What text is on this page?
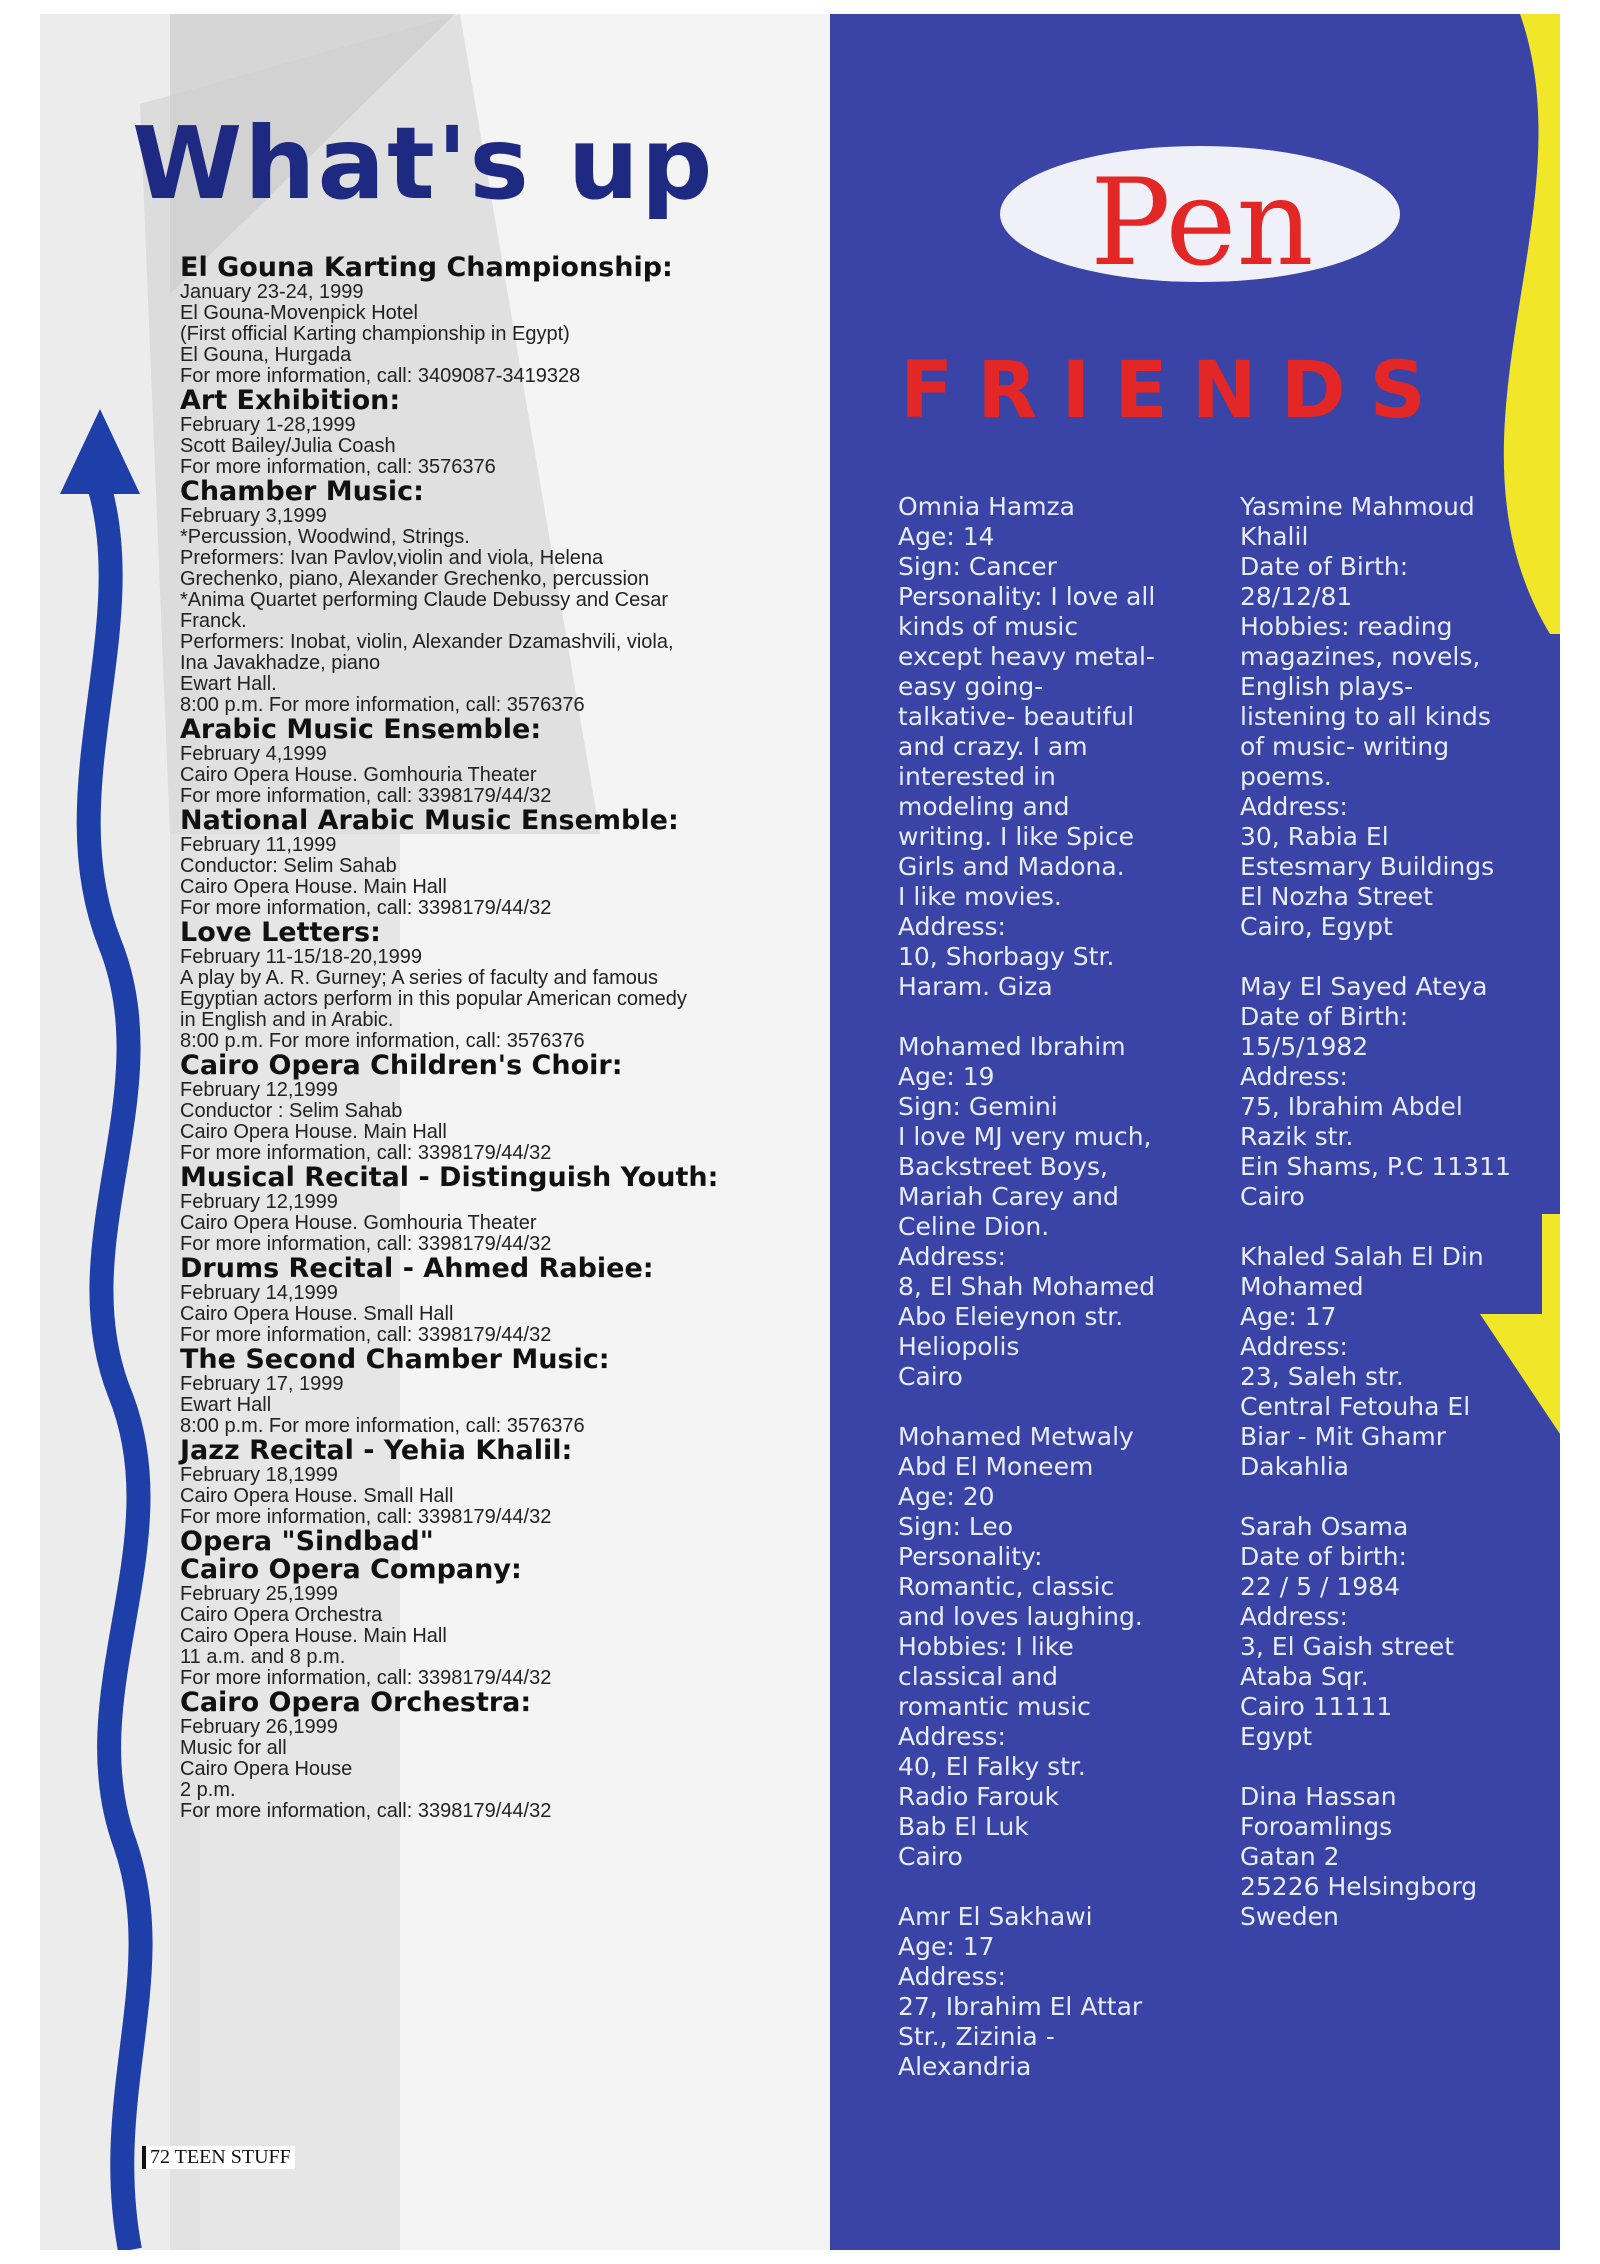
What's up
El Gouna Karting Championship:
January 23-24, 1999
El Gouna-Movenpick Hotel
(First official Karting championship in Egypt)
El Gouna, Hurgada
For more information, call: 3409087-3419328
Art Exhibition:
February 1-28,1999
Scott Bailey/Julia Coash
For more information, call: 3576376
Chamber Music:
February 3,1999
*Percussion, Woodwind, Strings.
Preformers: Ivan Pavlov,violin and viola, Helena
Grechenko, piano, Alexander Grechenko, percussion
*Anima Quartet performing Claude Debussy and Cesar
Franck.
Performers: Inobat, violin, Alexander Dzamashvili, viola,
Ina Javakhadze, piano
Ewart Hall.
8:00 p.m. For more information, call: 3576376
Arabic Music Ensemble:
February 4,1999
Cairo Opera House. Gomhouria Theater
For more information, call: 3398179/44/32
National Arabic Music Ensemble:
February 11,1999
Conductor: Selim Sahab
Cairo Opera House. Main Hall
For more information, call: 3398179/44/32
Love Letters:
February 11-15/18-20,1999
A play by A. R. Gurney; A series of faculty and famous
Egyptian actors perform in this popular American comedy
in English and in Arabic.
8:00 p.m. For more information, call: 3576376
Cairo Opera Children's Choir:
February 12,1999
Conductor : Selim Sahab
Cairo Opera House. Main Hall
For more information, call: 3398179/44/32
Musical Recital - Distinguish Youth:
February 12,1999
Cairo Opera House. Gomhouria Theater
For more information, call: 3398179/44/32
Drums Recital - Ahmed Rabiee:
February 14,1999
Cairo Opera House. Small Hall
For more information, call: 3398179/44/32
The Second Chamber Music:
February 17, 1999
Ewart Hall
8:00 p.m. For more information, call: 3576376
Jazz Recital - Yehia Khalil:
February 18,1999
Cairo Opera House. Small Hall
For more information, call: 3398179/44/32
Opera "Sindbad"
Cairo Opera Company:
February 25,1999
Cairo Opera Orchestra
Cairo Opera House. Main Hall
11 a.m. and 8 p.m.
For more information, call: 3398179/44/32
Cairo Opera Orchestra:
February 26,1999
Music for all
Cairo Opera House
2 p.m.
For more information, call: 3398179/44/32
72 TEEN STUFF
Pen
FRIENDS
Omnia Hamza
Age: 14
Sign: Cancer
Personality: I love all
kinds of music
except heavy metal-
easy going-
talkative- beautiful
and crazy. I am
interested in
modeling and
writing. I like Spice
Girls and Madona.
I like movies.
Address:
10, Shorbagy Str.
Haram. Giza
Mohamed Ibrahim
Age: 19
Sign: Gemini
I love MJ very much,
Backstreet Boys,
Mariah Carey and
Celine Dion.
Address:
8, El Shah Mohamed
Abo Eleieynon str.
Heliopolis
Cairo
Mohamed Metwaly
Abd El Moneem
Age: 20
Sign: Leo
Personality:
Romantic, classic
and loves laughing.
Hobbies: I like
classical and
romantic music
Address:
40, El Falky str.
Radio Farouk
Bab El Luk
Cairo
Amr El Sakhawi
Age: 17
Address:
27, Ibrahim El Attar
Str., Zizinia -
Alexandria
Yasmine Mahmoud
Khalil
Date of Birth:
28/12/81
Hobbies: reading
magazines, novels,
English plays-
listening to all kinds
of music- writing
poems.
Address:
30, Rabia El
Estesmary Buildings
El Nozha Street
Cairo, Egypt
May El Sayed Ateya
Date of Birth:
15/5/1982
Address:
75, Ibrahim Abdel
Razik str.
Ein Shams, P.C 11311
Cairo
Khaled Salah El Din
Mohamed
Age: 17
Address:
23, Saleh str.
Central Fetouha El
Biar - Mit Ghamr
Dakahlia
Sarah Osama
Date of birth:
22 / 5 / 1984
Address:
3, El Gaish street
Ataba Sqr.
Cairo 11111
Egypt
Dina Hassan
Foroamlings
Gatan 2
25226 Helsingborg
Sweden
